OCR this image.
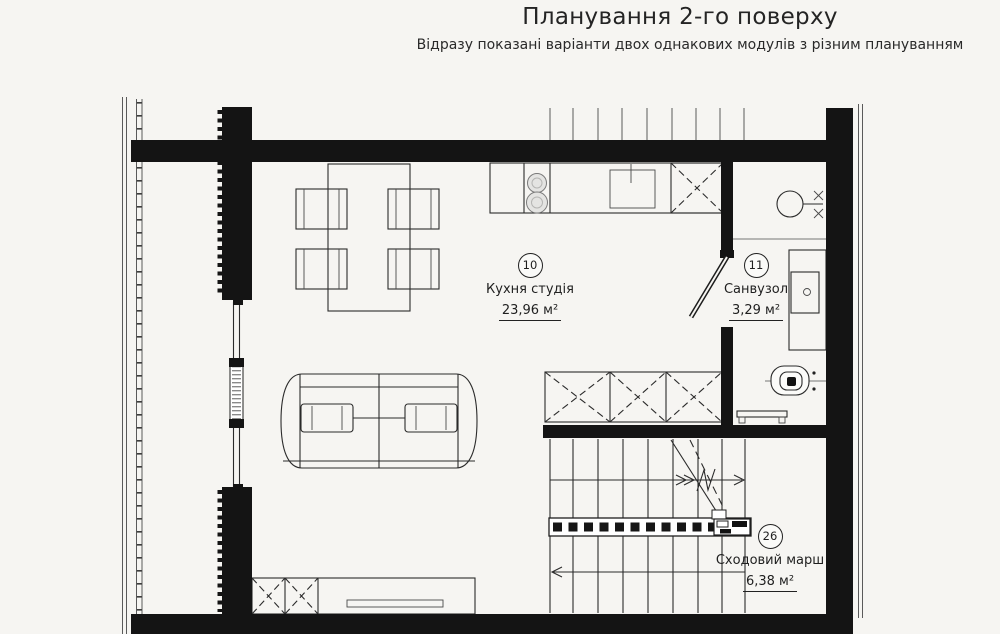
Планування 2-го поверху
Відразу показані варіанти двох однакових модулів з різним плануванням
10
Кухня студія
23,96 м²
11
Санвузол
3,29 м²
26
Сходовий марш
6,38 м²
